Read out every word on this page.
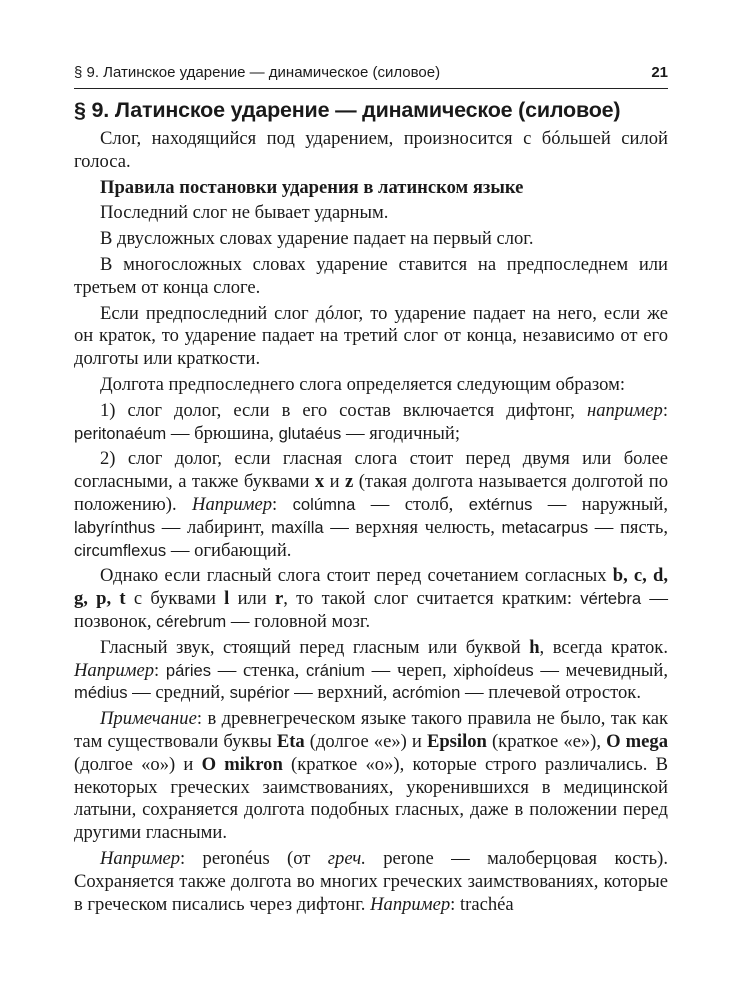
§ 9. Латинское ударение — динамическое (силовое)	21
§ 9. Латинское ударение — динамическое (силовое)

Слог, находящийся под ударением, произносится с бóльшей силой голоса.

Правила постановки ударения в латинском языке

Последний слог не бывает ударным.

В двусложных словах ударение падает на первый слог.

В многосложных словах ударение ставится на предпоследнем или третьем от конца слоге.

Если предпоследний слог дóлог, то ударение падает на него, если же он краток, то ударение падает на третий слог от конца, независимо от его долготы или краткости.

Долгота предпоследнего слога определяется следующим образом:

1) слог долог, если в его состав включается дифтонг, например: peritonaéum — брюшина, glutaéus — ягодичный;

2) слог долог, если гласная слога стоит перед двумя или более согласными, а также буквами x и z (такая долгота называется долготой по положению). Например: colúmna — столб, extérnus — наружный, labyrínthus — лабиринт, maxílla — верхняя челюсть, metacarpus — пясть, circumflexus — огибающий.

Однако если гласный слога стоит перед сочетанием согласных b, c, d, g, p, t с буквами l или r, то такой слог считается кратким: vértebra — позвонок, cérebrum — головной мозг.

Гласный звук, стоящий перед гласным или буквой h, всегда краток. Например: páries — стенка, cránium — череп, xiphoídeus — мечевидный, médius — средний, supérior — верхний, acrómion — плечевой отросток.

Примечание: в древнегреческом языке такого правила не было, так как там существовали буквы Eta (долгое «е») и Epsilon (краткое «е»), O mega (долгое «о») и O mikron (краткое «о»), которые строго различались. В некоторых греческих заимствованиях, укоренившихся в медицинской латыни, сохраняется долгота подобных гласных, даже в положении перед другими гласными.

Например: peronéus (от греч. perone — малоберцовая кость). Сохраняется также долгота во многих греческих заимствованиях, которые в греческом писались через дифтонг. Например: trachéa
